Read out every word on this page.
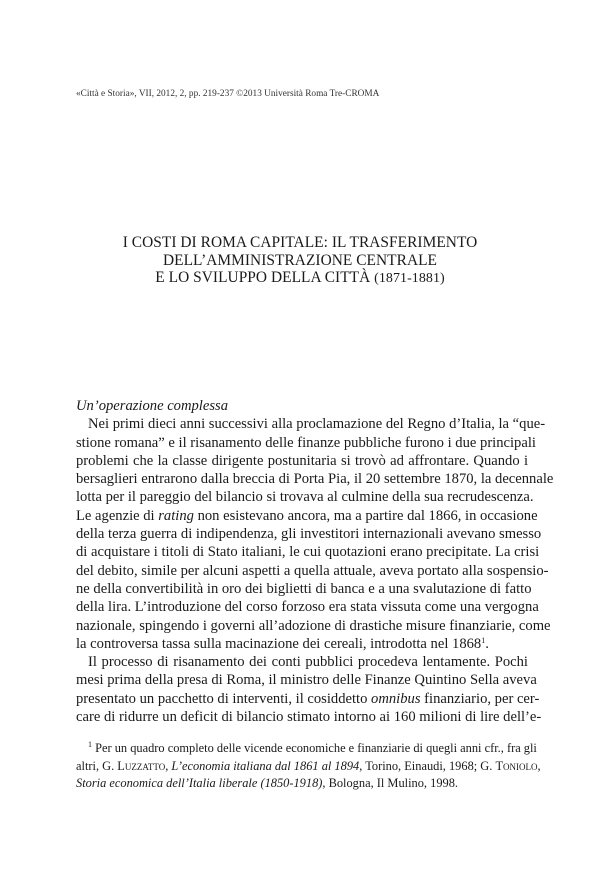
«Città e Storia», VII, 2012, 2, pp. 219-237 ©2013 Università Roma Tre-CROMA
I COSTI DI ROMA CAPITALE: IL TRASFERIMENTO
DELL’AMMINISTRAZIONE CENTRALE
E LO SVILUPPO DELLA CITTÀ (1871-1881)
Un’operazione complessa
Nei primi dieci anni successivi alla proclamazione del Regno d’Italia, la “que-
stione romana” e il risanamento delle finanze pubbliche furono i due principali
problemi che la classe dirigente postunitaria si trovò ad affrontare. Quando i
bersaglieri entrarono dalla breccia di Porta Pia, il 20 settembre 1870, la decennale
lotta per il pareggio del bilancio si trovava al culmine della sua recrudescenza.
Le agenzie di rating non esistevano ancora, ma a partire dal 1866, in occasione
della terza guerra di indipendenza, gli investitori internazionali avevano smesso
di acquistare i titoli di Stato italiani, le cui quotazioni erano precipitate. La crisi
del debito, simile per alcuni aspetti a quella attuale, aveva portato alla sospensio-
ne della convertibilità in oro dei biglietti di banca e a una svalutazione di fatto
della lira. L’introduzione del corso forzoso era stata vissuta come una vergogna
nazionale, spingendo i governi all’adozione di drastiche misure finanziarie, come
la controversa tassa sulla macinazione dei cereali, introdotta nel 1868$^1$.
Il processo di risanamento dei conti pubblici procedeva lentamente. Pochi
mesi prima della presa di Roma, il ministro delle Finanze Quintino Sella aveva
presentato un pacchetto di interventi, il cosiddetto omnibus finanziario, per cer-
care di ridurre un deficit di bilancio stimato intorno ai 160 milioni di lire dell’e-
$^1$ Per un quadro completo delle vicende economiche e finanziarie di quegli anni cfr., fra gli
altri, G. Luzzatto, L’economia italiana dal 1861 al 1894, Torino, Einaudi, 1968; G. Toniolo,
Storia economica dell’Italia liberale (1850-1918), Bologna, Il Mulino, 1998.
